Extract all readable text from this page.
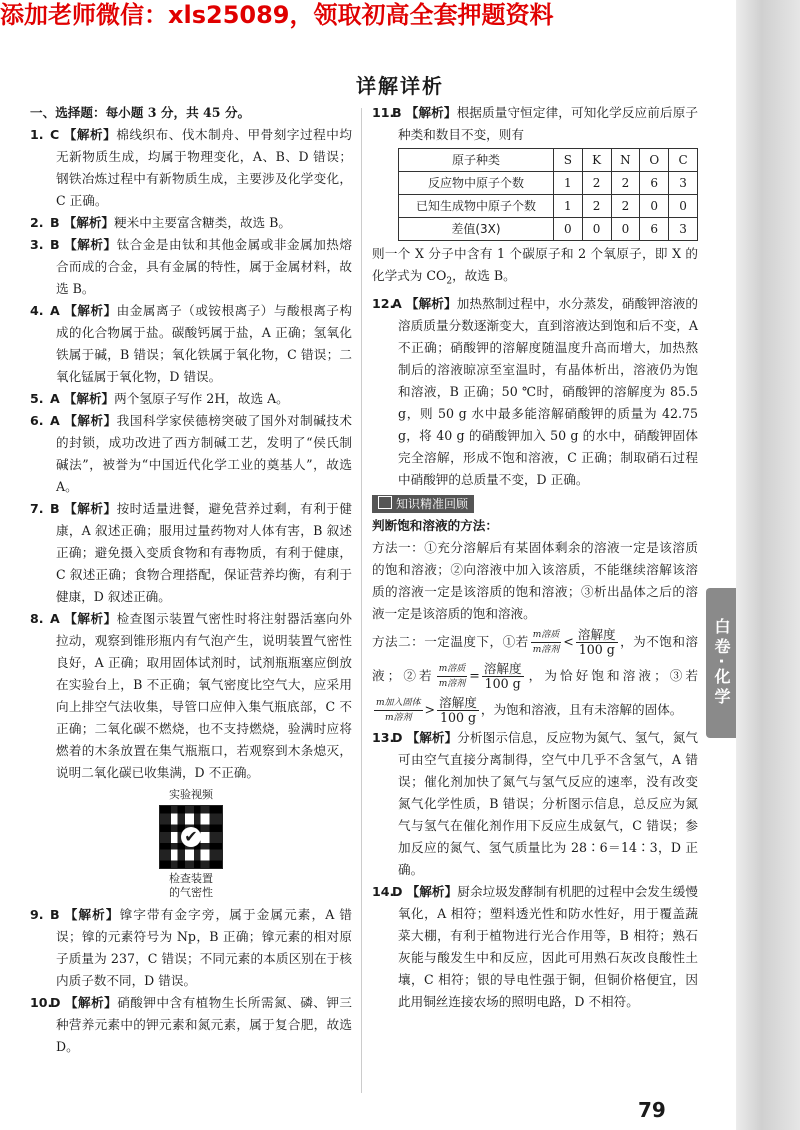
添加老师微信：xls25089，领取初高全套押题资料
详解详析

一、选择题：每小题 3 分，共 45 分。

1. C 【解析】棉线织布、伐木制舟、甲骨刻字过程中均无新物质生成，均属于物理变化，A、B、D 错误；钢铁冶炼过程中有新物质生成，主要涉及化学变化，C 正确。

2. B 【解析】粳米中主要富含糖类，故选 B。

3. B 【解析】钛合金是由钛和其他金属或非金属加热熔合而成的合金，具有金属的特性，属于金属材料，故选 B。

4. A 【解析】由金属离子（或铵根离子）与酸根离子构成的化合物属于盐。碳酸钙属于盐，A 正确；氢氧化铁属于碱，B 错误；氧化铁属于氧化物，C 错误；二氧化锰属于氧化物，D 错误。

5. A 【解析】两个氢原子写作 2H，故选 A。

6. A 【解析】我国科学家侯德榜突破了国外对制碱技术的封锁，成功改进了西方制碱工艺，发明了“侯氏制碱法”，被誉为“中国近代化学工业的奠基人”，故选 A。

7. B 【解析】按时适量进餐，避免营养过剩，有利于健康，A 叙述正确；服用过量药物对人体有害，B 叙述正确；避免摄入变质食物和有毒物质，有利于健康，C 叙述正确；食物合理搭配，保证营养均衡，有利于健康，D 叙述正确。

8. A 【解析】检查图示装置气密性时将注射器活塞向外拉动，观察到锥形瓶内有气泡产生，说明装置气密性良好，A 正确；取用固体试剂时，试剂瓶瓶塞应倒放在实验台上，B 不正确；氧气密度比空气大，应采用向上排空气法收集，导管口应伸入集气瓶底部，C 不正确；二氧化碳不燃烧，也不支持燃烧，验满时应将燃着的木条放置在集气瓶瓶口，若观察到木条熄灭，说明二氧化碳已收集满，D 不正确。

实验视频
✔
检查装置
的气密性

9. B 【解析】镎字带有金字旁，属于金属元素，A 错误；镎的元素符号为 Np，B 正确；镎元素的相对原子质量为 237，C 错误；不同元素的本质区别在于核内质子数不同，D 错误。

10.D 【解析】硝酸钾中含有植物生长所需氮、磷、钾三种营养元素中的钾元素和氮元素，属于复合肥，故选 D。

11.B 【解析】根据质量守恒定律，可知化学反应前后原子种类和数目不变，则有

原子种类	S	K	N	O	C
反应物中原子个数	1	2	2	6	3
已知生成物中原子个数	1	2	2	0	0
差值(3X)	0	0	0	6	3

则一个 X 分子中含有 1 个碳原子和 2 个氧原子，即 X 的化学式为 $CO_2$，故选 B。

12.A 【解析】加热熬制过程中，水分蒸发，硝酸钾溶液的溶质质量分数逐渐变大，直到溶液达到饱和后不变，A 不正确；硝酸钾的溶解度随温度升高而增大，加热熬制后的溶液晾凉至室温时，有晶体析出，溶液仍为饱和溶液，B 正确；50 ℃时，硝酸钾的溶解度为 85.5 g，则 50 g 水中最多能溶解硝酸钾的质量为 42.75 g，将 40 g 的硝酸钾加入 50 g 的水中，硝酸钾固体完全溶解，形成不饱和溶液，C 正确；制取硝石过程中硝酸钾的总质量不变，D 正确。

知识精准回顾

判断饱和溶液的方法：

方法一：①充分溶解后有某固体剩余的溶液一定是该溶质的饱和溶液；②向溶液中加入该溶质，不能继续溶解该溶质的溶液一定是该溶质的饱和溶液；③析出晶体之后的溶液一定是该溶质的饱和溶液。

方法二：一定温度下，①若 $\frac{\text{m溶质}}{\text{m溶剂}} < \frac{\text{溶解度}}{100 g}$ ，为不饱和溶液；②若 $\frac{\text{m溶质}}{\text{m溶剂}} = \frac{\text{溶解度}}{100 g}$ ，为恰好饱和溶液；③若
$\frac{\text{m加入固体}}{\text{m溶剂}} > \frac{\text{溶解度}}{100 g}$ ，为饱和溶液，且有未溶解的固体。

13.D 【解析】分析图示信息，反应物为氮气、氢气，氮气可由空气直接分离制得，空气中几乎不含氢气，A 错误；催化剂加快了氮气与氢气反应的速率，没有改变氮气化学性质，B 错误；分析图示信息，总反应为氮气与氢气在催化剂作用下反应生成氨气，C 错误；参加反应的氮气、氢气质量比为 28∶6＝14∶3，D 正确。

14.D 【解析】厨余垃圾发酵制有机肥的过程中会发生缓慢氧化，A 相符；塑料透光性和防水性好，用于覆盖蔬菜大棚，有利于植物进行光合作用等，B 相符；熟石灰能与酸发生中和反应，因此可用熟石灰改良酸性土壤，C 相符；银的导电性强于铜，但铜价格便宜，因此用铜丝连接农场的照明电路，D 不相符。

白卷·化学
79
